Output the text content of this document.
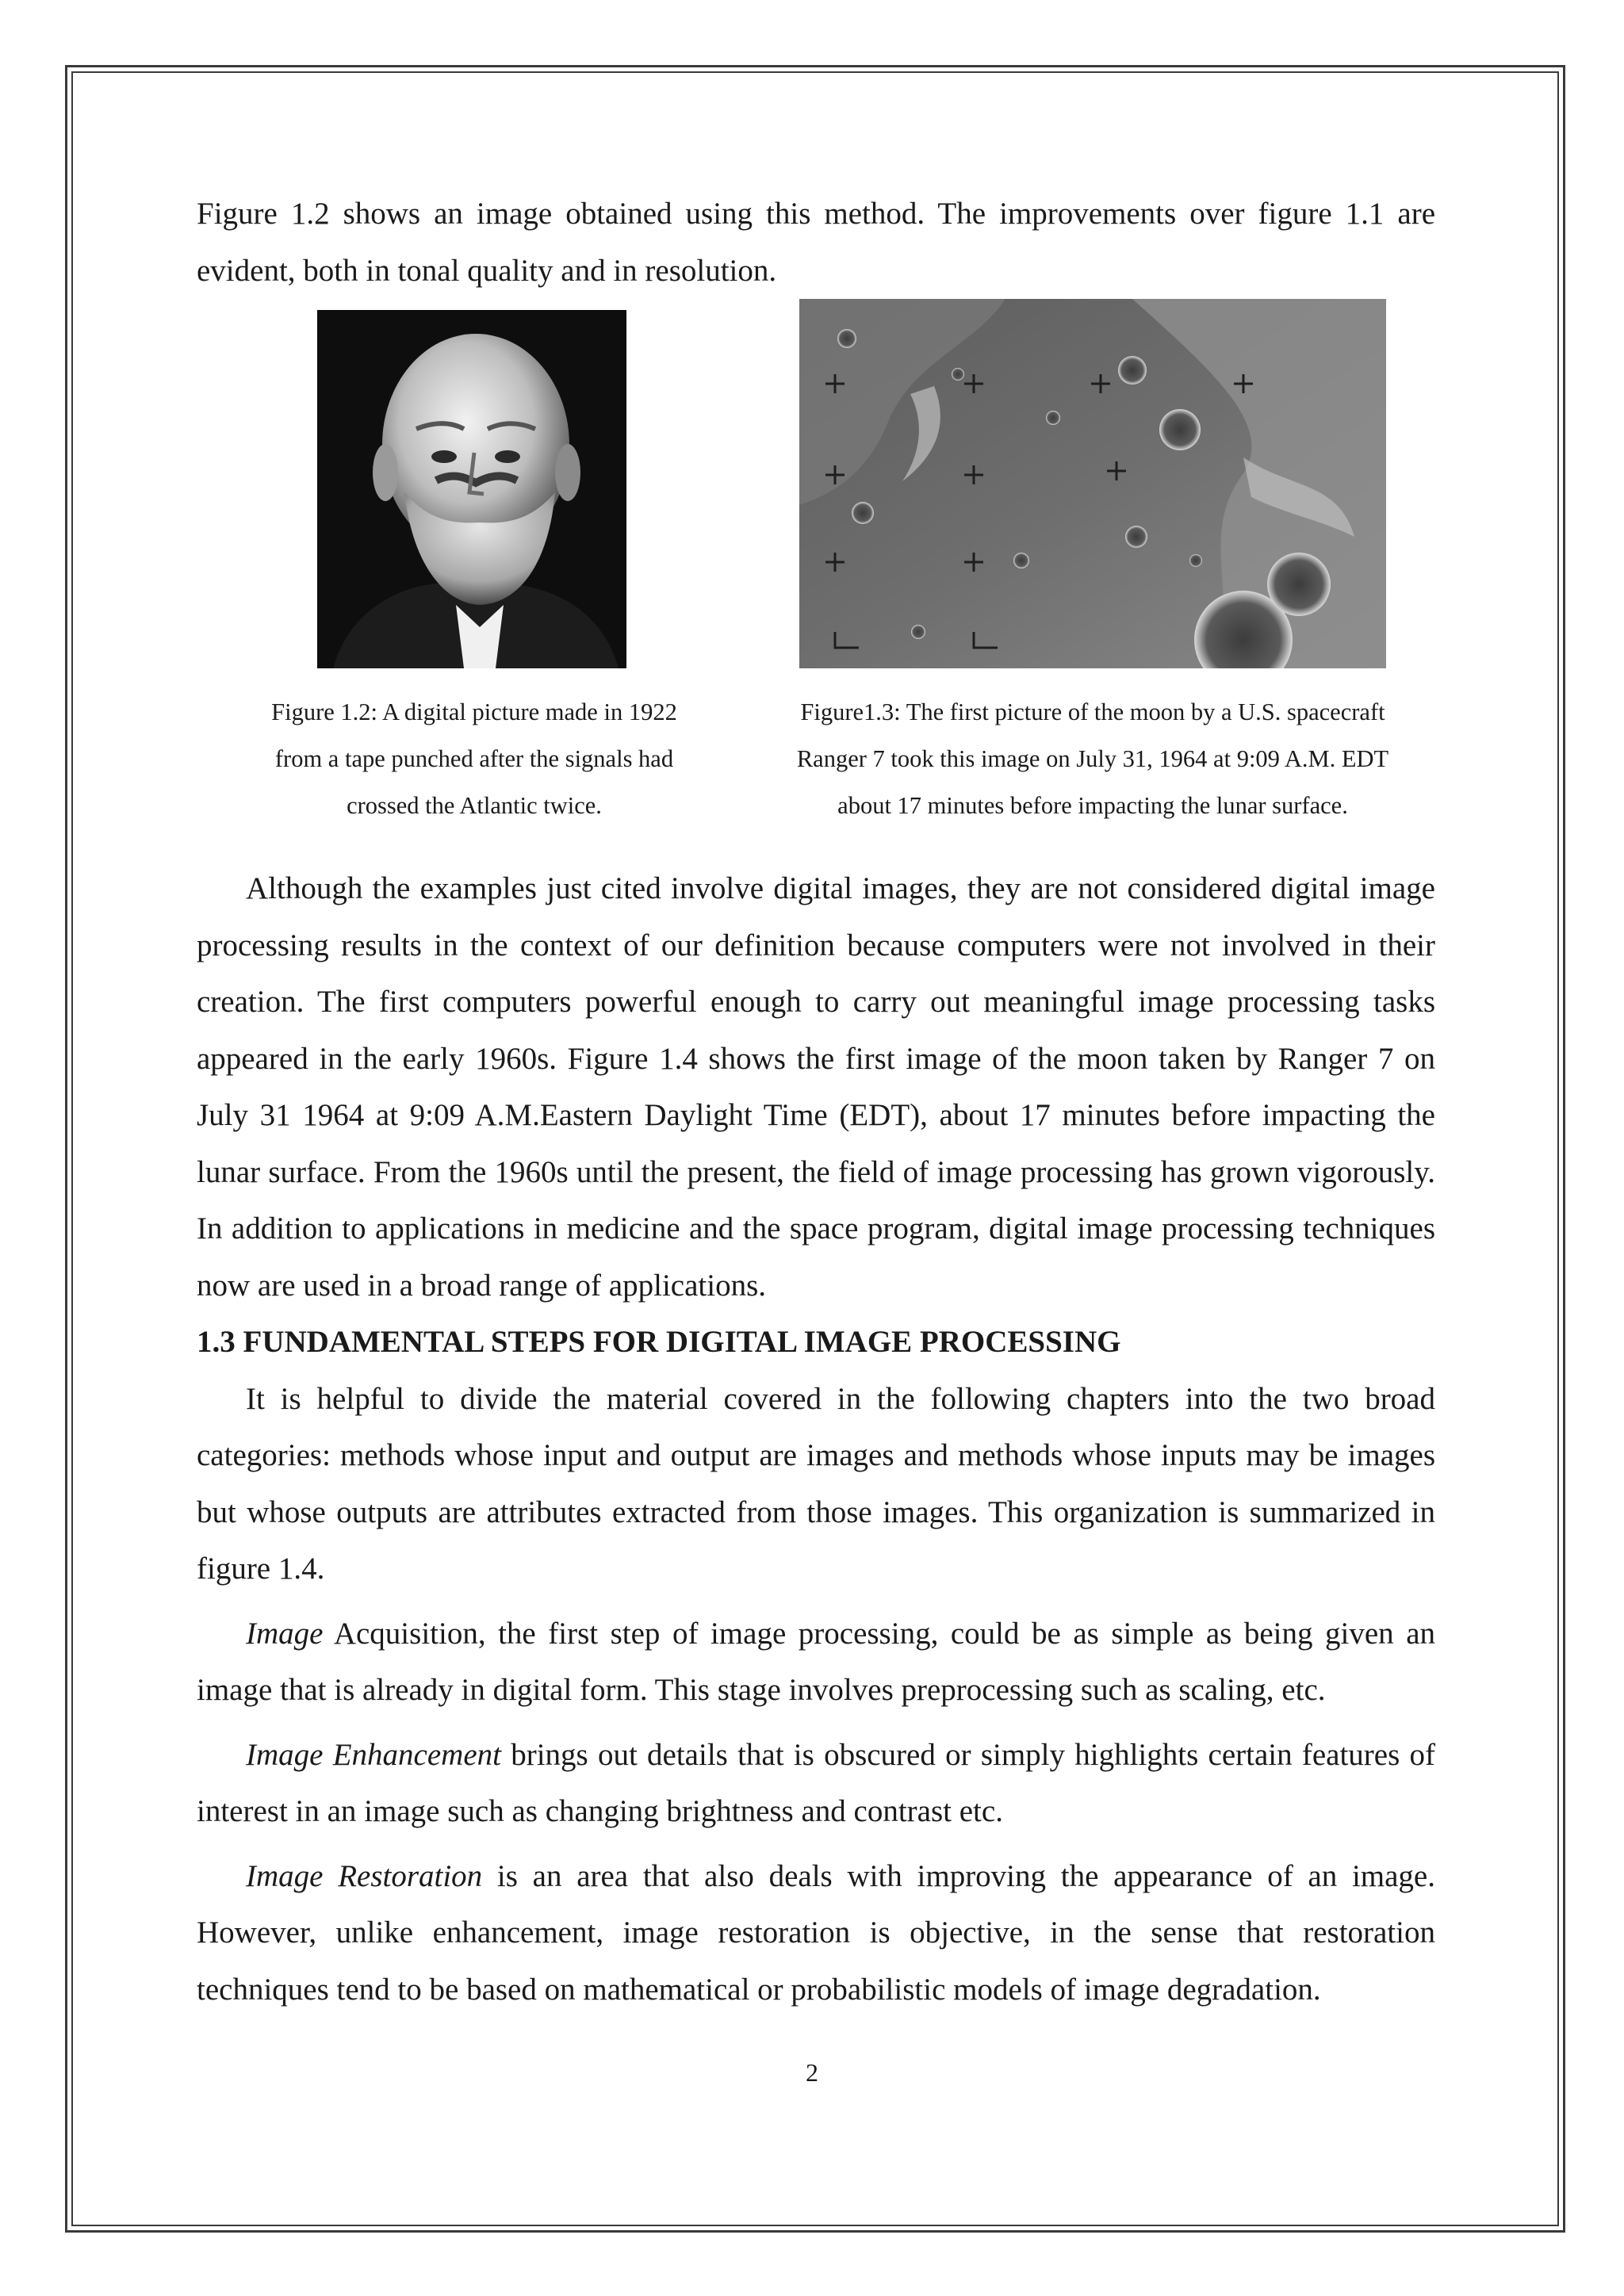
Figure 1.2 shows an image obtained using this method. The improvements over figure 1.1 are
evident, both in tonal quality and in resolution.

Figure 1.2: A digital picture made in 1922
from a tape punched after the signals had
crossed the Atlantic twice.
Figure1.3: The first picture of the moon by a U.S. spacecraft
Ranger 7 took this image on July 31, 1964 at 9:09 A.M. EDT
about 17 minutes before impacting the lunar surface.

Although the examples just cited involve digital images, they are not considered digital image processing results in the context of our definition because computers were not involved in their creation. The first computers powerful enough to carry out meaningful image processing tasks appeared in the early 1960s. Figure 1.4 shows the first image of the moon taken by Ranger 7 on July 31 1964 at 9:09 A.M.Eastern Daylight Time (EDT), about 17 minutes before impacting the lunar surface. From the 1960s until the present, the field of image processing has grown vigorously. In addition to applications in medicine and the space program, digital image processing techniques now are used in a broad range of applications.

1.3 FUNDAMENTAL STEPS FOR DIGITAL IMAGE PROCESSING

It is helpful to divide the material covered in the following chapters into the two broad categories: methods whose input and output are images and methods whose inputs may be images but whose outputs are attributes extracted from those images. This organization is summarized in figure 1.4.

Image Acquisition, the first step of image processing, could be as simple as being given an image that is already in digital form. This stage involves preprocessing such as scaling, etc.

Image Enhancement brings out details that is obscured or simply highlights certain features of interest in an image such as changing brightness and contrast etc.

Image Restoration is an area that also deals with improving the appearance of an image. However, unlike enhancement, image restoration is objective, in the sense that restoration techniques tend to be based on mathematical or probabilistic models of image degradation.

2
